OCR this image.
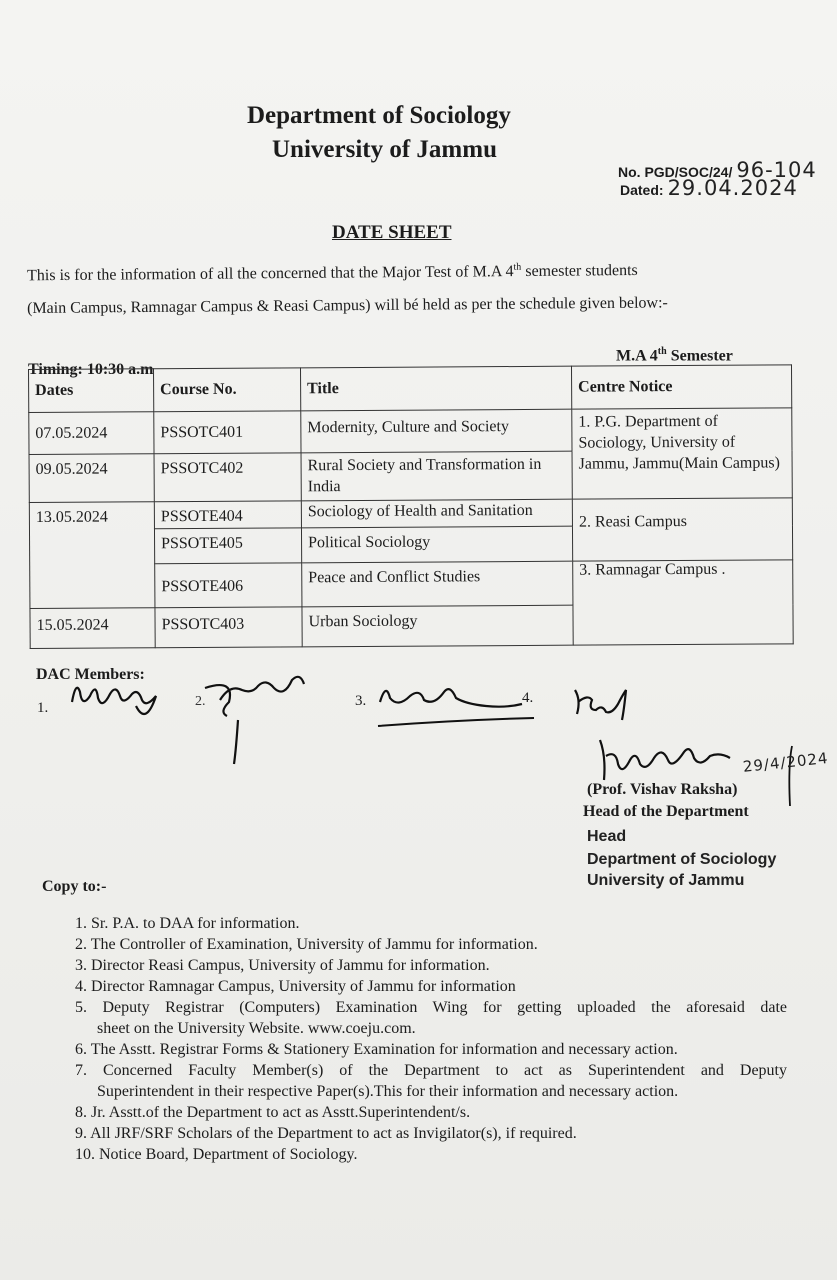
Department of Sociology
University of Jammu
No. PGD/SOC/24/ 96-104
Dated: 29.04.2024
DATE SHEET
This is for the information of all the concerned that the Major Test of M.A 4th semester students
(Main Campus, Ramnagar Campus & Reasi Campus) will bé held as per the schedule given below:-
Timing: 10:30 a.m
M.A 4th Semester
Dates	Course No.	Title	Centre Notice
07.05.2024	PSSOTC401	Modernity, Culture and Society	1. P.G. Department of Sociology, University of Jammu, Jammu(Main Campus)
09.05.2024	PSSOTC402	Rural Society and Transformation in India	
13.05.2024	PSSOTE404	Sociology of Health and Sanitation	2. Reasi Campus
	PSSOTE405	Political Sociology	
	PSSOTE406	Peace and Conflict Studies	3. Ramnagar Campus .
15.05.2024	PSSOTC403	Urban Sociology	
DAC Members:
1.	3.	4.
2.
29/4/2024
(Prof. Vishav Raksha)
Head of the Department
Head
Department of Sociology
University of Jammu
Copy to:-
1. Sr. P.A. to DAA for information.
2. The Controller of Examination, University of Jammu for information.
3. Director Reasi Campus, University of Jammu for information.
4. Director Ramnagar Campus, University of Jammu for information
5. Deputy Registrar (Computers) Examination Wing for getting uploaded the aforesaid date
sheet on the University Website. www.coeju.com.
6. The Asstt. Registrar Forms & Stationery Examination for information and necessary action.
7. Concerned Faculty Member(s) of the Department to act as Superintendent and Deputy
Superintendent in their respective Paper(s).This for their information and necessary action.
8. Jr. Asstt.of the Department to act as Asstt.Superintendent/s.
9. All JRF/SRF Scholars of the Department to act as Invigilator(s), if required.
10. Notice Board, Department of Sociology.
